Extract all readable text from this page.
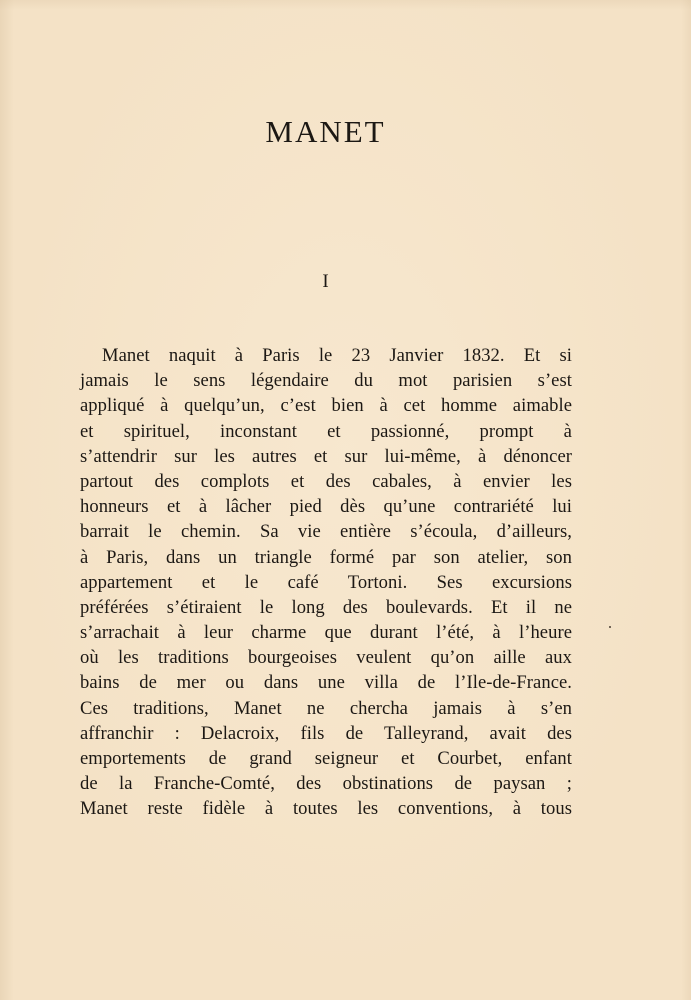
MANET
I
Manet naquit à Paris le 23 Janvier 1832. Et si
jamais le sens légendaire du mot parisien s’est
appliqué à quelqu’un, c’est bien à cet homme aimable
et spirituel, inconstant et passionné, prompt à
s’attendrir sur les autres et sur lui-même, à dénoncer
partout des complots et des cabales, à envier les
honneurs et à lâcher pied dès qu’une contrariété lui
barrait le chemin. Sa vie entière s’écoula, d’ailleurs,
à Paris, dans un triangle formé par son atelier, son
appartement et le café Tortoni. Ses excursions
préférées s’étiraient le long des boulevards. Et il ne
s’arrachait à leur charme que durant l’été, à l’heure
où les traditions bourgeoises veulent qu’on aille aux
bains de mer ou dans une villa de l’Ile-de-France.
Ces traditions, Manet ne chercha jamais à s’en
affranchir : Delacroix, fils de Talleyrand, avait des
emportements de grand seigneur et Courbet, enfant
de la Franche-Comté, des obstinations de paysan ;
Manet reste fidèle à toutes les conventions, à tous
